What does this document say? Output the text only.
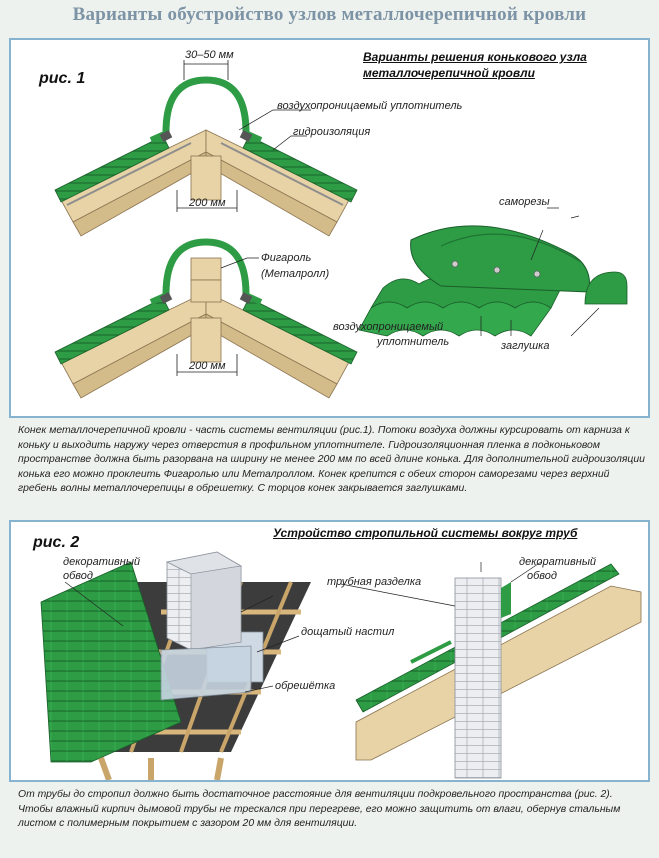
Варианты обустройство узлов металлочерепичной кровли
рис. 1
Варианты решения конькового узла
металлочерепичной кровли
30–50 мм
воздухопроницаемый уплотнитель
гидроизоляция
200 мм
Фигароль
(Металролл)
200 мм
саморезы
воздухопроницаемый
уплотнитель	заглушка
Конек металлочерепичной кровли - часть системы вентиляции (рис.1). Потоки воздуха должны курсировать от карниза к коньку и выходить наружу через отверстия в профильном уплотнителе. Гидроизоляционная пленка в подконьковом пространстве должна быть разорвана на ширину не менее 200 мм по всей длине конька. Для дополнительной гидроизоляции конька его можно проклеить Фигаролью или Металроллом. Конек крепится с обеих сторон саморезами через верхний гребень волны металлочерепицы в обрешетку. С торцов конек закрывается заглушками.
рис. 2
Устройство стропильной системы вокруг труб
декоративный
обвод	трубная разделка
декоративный
обвод
дощатый настил
обрешётка
От трубы до стропил должно быть достаточное расстояние для вентиляции подкровельного пространства (рис. 2). Чтобы влажный кирпич дымовой трубы не трескался при перегреве, его можно защитить от влаги, обернув стальным листом с полимерным покрытием с зазором 20 мм для вентиляции.
